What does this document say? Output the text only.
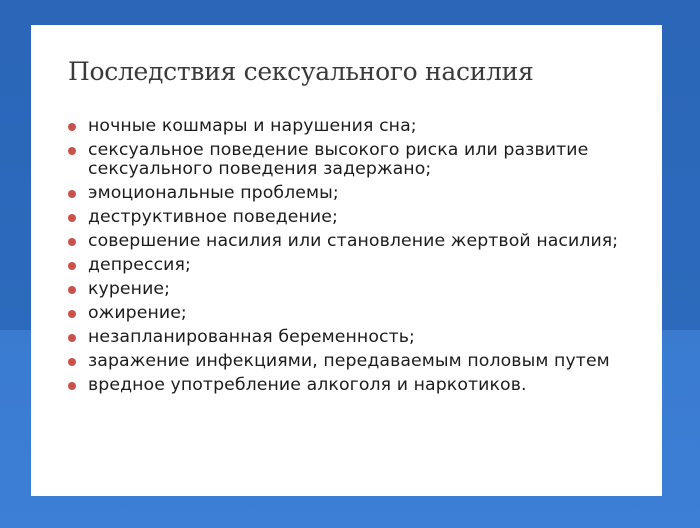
Последствия сексуального насилия
ночные кошмары и нарушения сна;
сексуальное поведение высокого риска или развитие сексуального поведения задержано;
эмоциональные проблемы;
деструктивное поведение;
совершение насилия или становление жертвой насилия;
депрессия;
курение;
ожирение;
незапланированная беременность;
заражение инфекциями, передаваемым половым путем
вредное употребление алкоголя и наркотиков.
